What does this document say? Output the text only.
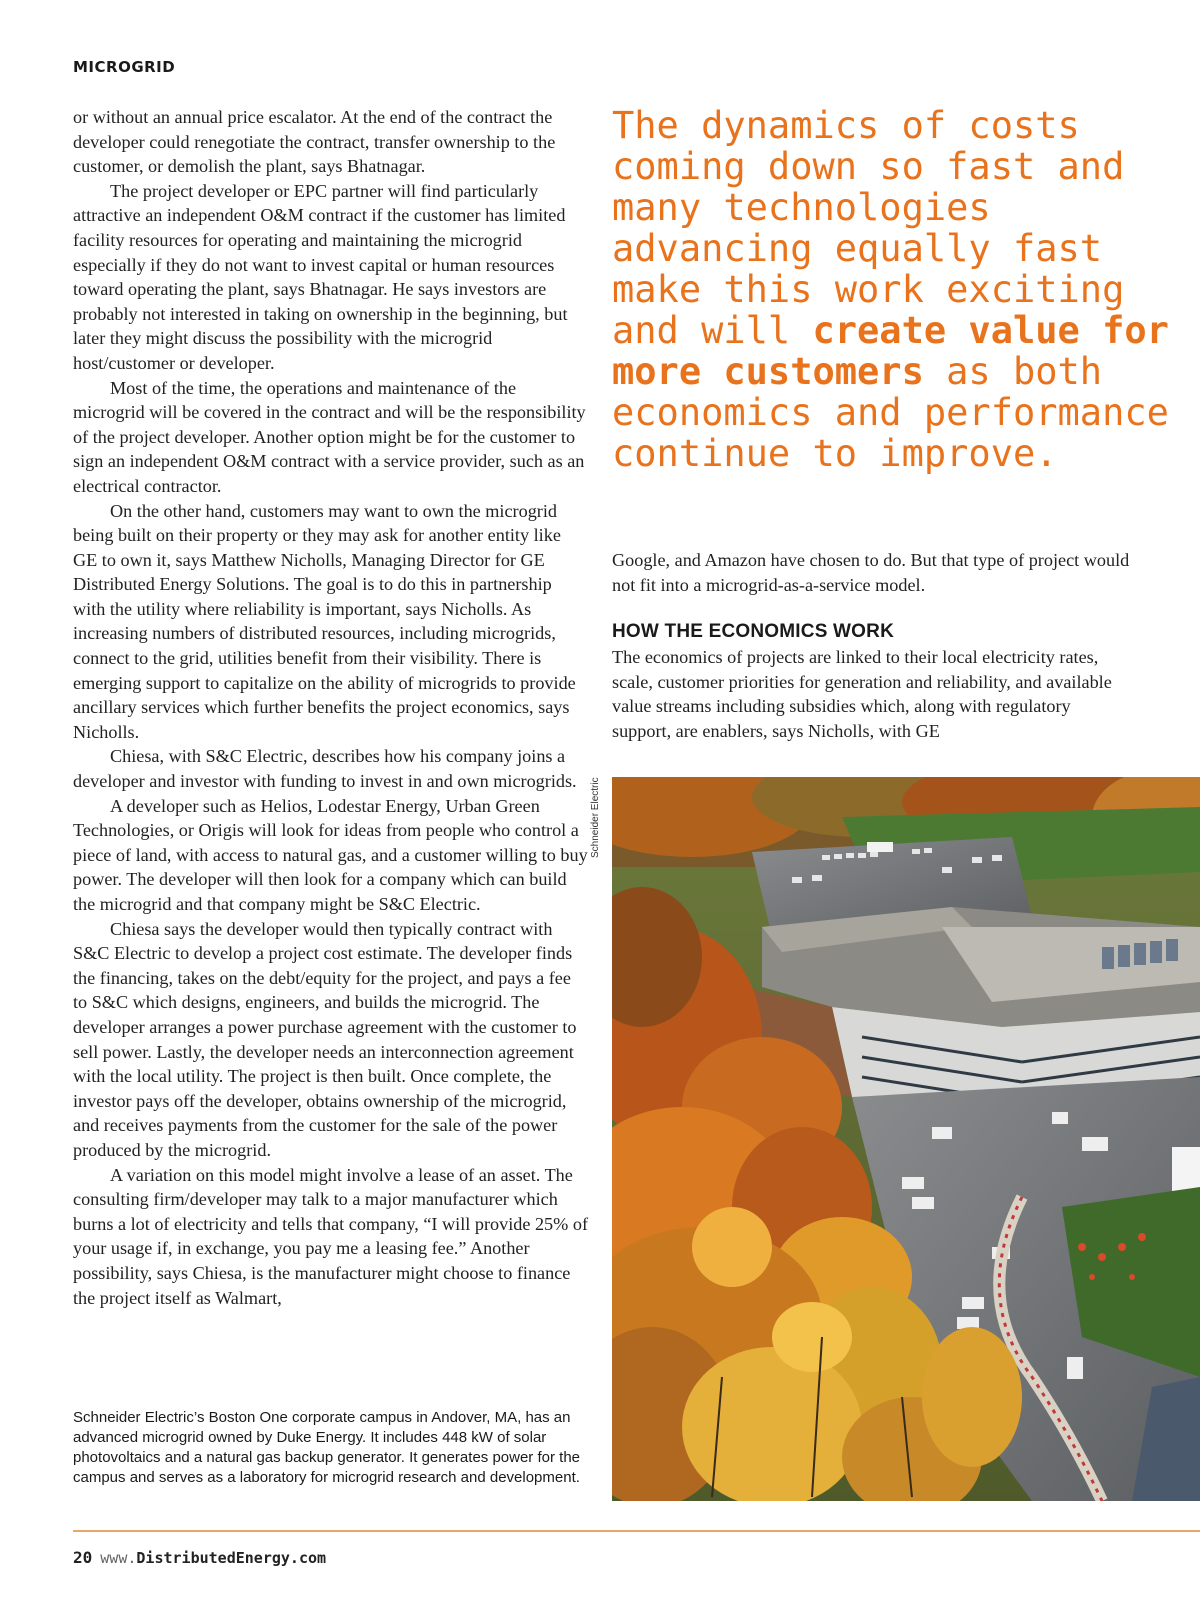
MICROGRID

or without an annual price escalator. At the end of the contract the developer could renegotiate the contract, transfer ownership to the customer, or demolish the plant, says Bhatnagar.

The project developer or EPC partner will find particularly attractive an independent O&M contract if the customer has limited facility resources for operating and maintaining the microgrid especially if they do not want to invest capital or human resources toward operating the plant, says Bhatnagar. He says investors are probably not interested in taking on ownership in the beginning, but later they might discuss the possibility with the microgrid host/customer or developer.

Most of the time, the operations and maintenance of the microgrid will be covered in the contract and will be the responsibility of the project developer. Another option might be for the customer to sign an independent O&M contract with a service provider, such as an electrical contractor.

On the other hand, customers may want to own the microgrid being built on their property or they may ask for another entity like GE to own it, says Matthew Nicholls, Managing Director for GE Distributed Energy Solutions. The goal is to do this in partnership with the utility where reliability is important, says Nicholls. As increasing numbers of distributed resources, including microgrids, connect to the grid, utilities benefit from their visibility. There is emerging support to capitalize on the ability of microgrids to provide ancillary services which further benefits the project economics, says Nicholls.

Chiesa, with S&C Electric, describes how his company joins a developer and investor with funding to invest in and own microgrids.

A developer such as Helios, Lodestar Energy, Urban Green Technologies, or Origis will look for ideas from people who control a piece of land, with access to natural gas, and a customer willing to buy power. The developer will then look for a company which can build the microgrid and that company might be S&C Electric.

Chiesa says the developer would then typically contract with S&C Electric to develop a project cost estimate. The developer finds the financing, takes on the debt/equity for the project, and pays a fee to S&C which designs, engineers, and builds the microgrid. The developer arranges a power purchase agreement with the customer to sell power. Lastly, the developer needs an interconnection agreement with the local utility. The project is then built. Once complete, the investor pays off the developer, obtains ownership of the microgrid, and receives payments from the customer for the sale of the power produced by the microgrid.

A variation on this model might involve a lease of an asset. The consulting firm/developer may talk to a major manufacturer which burns a lot of electricity and tells that company, “I will provide 25% of your usage if, in exchange, you pay me a leasing fee.” Another possibility, says Chiesa, is the manufacturer might choose to finance the project itself as Walmart,

The dynamics of costs coming down so fast and many technologies advancing equally fast make this work exciting and will create value for more customers as both economics and performance continue to improve.

Google, and Amazon have chosen to do. But that type of project would not fit into a microgrid-as-a-service model.

HOW THE ECONOMICS WORK

The economics of projects are linked to their local electricity rates, scale, customer priorities for generation and reliability, and available value streams including subsidies which, along with regulatory support, are enablers, says Nicholls, with GE

Schneider Electric
Schneider Electric’s Boston One corporate campus in Andover, MA, has an advanced microgrid owned by Duke Energy. It includes 448 kW of solar photovoltaics and a natural gas backup generator. It generates power for the campus and serves as a laboratory for microgrid research and development.
20 www.DistributedEnergy.com
